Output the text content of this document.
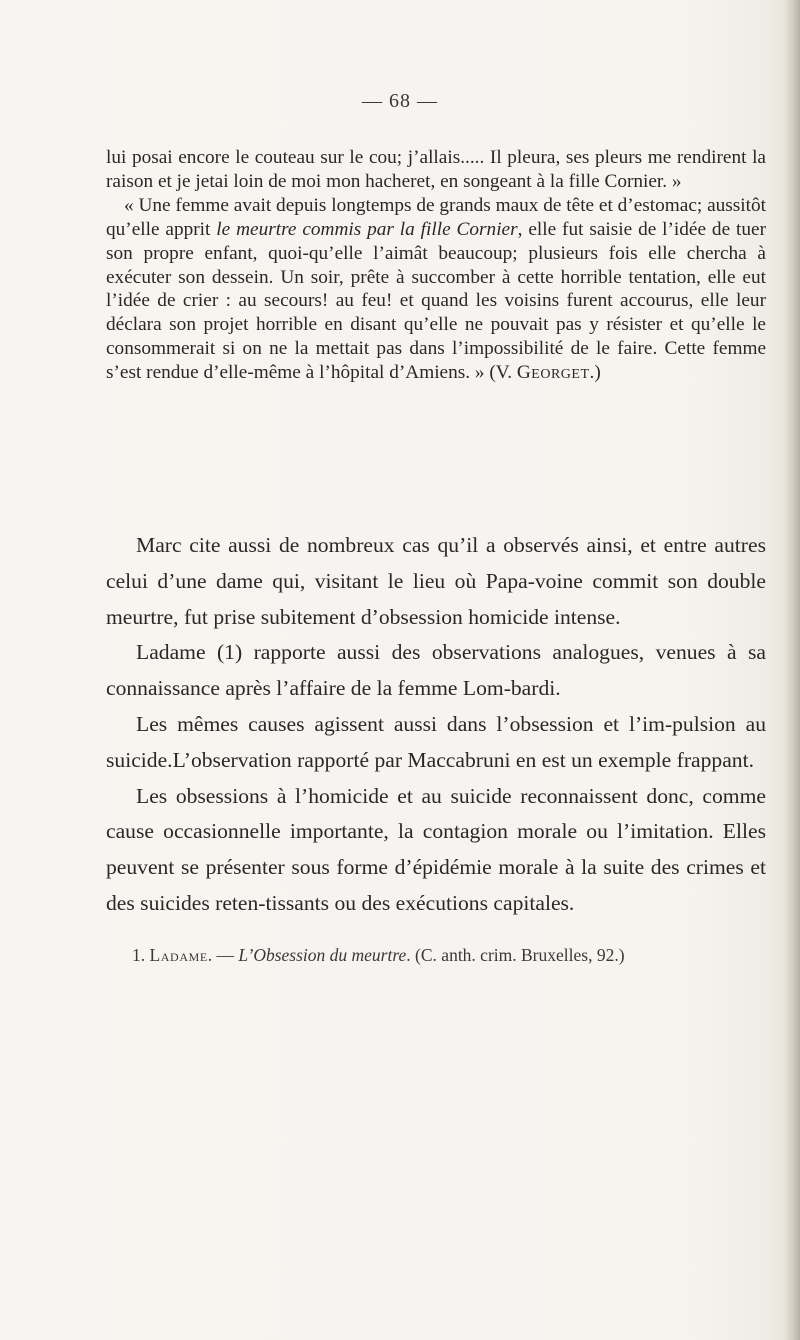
— 68 —

lui posai encore le couteau sur le cou; j’allais..... Il pleura, ses pleurs me rendirent la raison et je jetai loin de moi mon hacheret, en songeant à la fille Cornier. »

« Une femme avait depuis longtemps de grands maux de tête et d’estomac; aussitôt qu’elle apprit le meurtre commis par la fille Cornier, elle fut saisie de l’idée de tuer son propre enfant, quoi-qu’elle l’aimât beaucoup; plusieurs fois elle chercha à exécuter son dessein. Un soir, prête à succomber à cette horrible tentation, elle eut l’idée de crier : au secours! au feu! et quand les voisins furent accourus, elle leur déclara son projet horrible en disant qu’elle ne pouvait pas y résister et qu’elle le consommerait si on ne la mettait pas dans l’impossibilité de le faire. Cette femme s’est rendue d’elle-même à l’hôpital d’Amiens. » (V. Georget.)

Marc cite aussi de nombreux cas qu’il a observés ainsi, et entre autres celui d’une dame qui, visitant le lieu où Papa-voine commit son double meurtre, fut prise subitement d’obsession homicide intense.

Ladame (1) rapporte aussi des observations analogues, venues à sa connaissance après l’affaire de la femme Lom-bardi.

Les mêmes causes agissent aussi dans l’obsession et l’im-pulsion au suicide.L’observation rapporté par Maccabruni en est un exemple frappant.

Les obsessions à l’homicide et au suicide reconnaissent donc, comme cause occasionnelle importante, la contagion morale ou l’imitation. Elles peuvent se présenter sous forme d’épidémie morale à la suite des crimes et des suicides reten-tissants ou des exécutions capitales.

1. Ladame. — L’Obsession du meurtre. (C. anth. crim. Bruxelles, 92.)
